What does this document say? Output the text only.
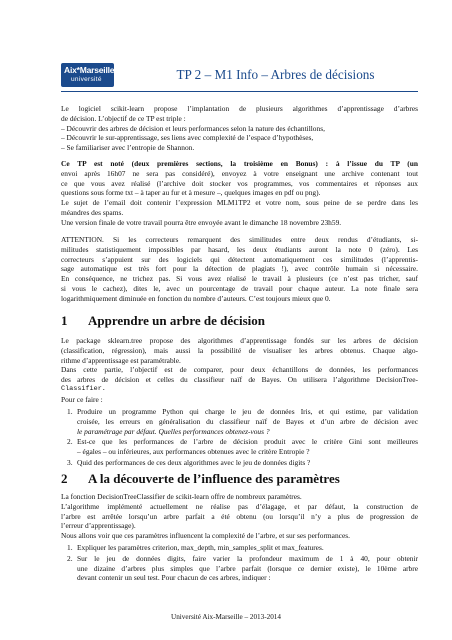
Aix*Marseille
université	TP 2 – M1 Info – Arbres de décisions
Le logiciel scikit-learn propose l’implantation de plusieurs algorithmes d’apprentissage d’arbres
de décision. L’objectif de ce TP est triple :
– Découvrir des arbres de décision et leurs performances selon la nature des échantillons,
– Découvrir le sur-apprentissage, ses liens avec complexité de l’espace d’hypothèses,
– Se familiariser avec l’entropie de Shannon.
Ce TP est noté (deux premières sections, la troisième en Bonus) : à l’issue du TP (un
envoi après 16h07 ne sera pas considéré), envoyez à votre enseignant une archive contenant tout
ce que vous avez réalisé (l’archive doit stocker vos programmes, vos commentaires et réponses aux
questions sous forme txt – à taper au fur et à mesure –, quelques images en pdf ou png).
Le sujet de l’email doit contenir l’expression MLM1TP2 et votre nom, sous peine de se perdre dans les
méandres des spams.
Une version finale de votre travail pourra être envoyée avant le dimanche 18 novembre 23h59.
ATTENTION. Si les correcteurs remarquent des similitudes entre deux rendus d’étudiants, si-
militudes statistiquement impossibles par hasard, les deux étudiants auront la note 0 (zéro). Les
correcteurs s’appuient sur des logiciels qui détectent automatiquement ces similitudes (l’apprentis-
sage automatique est très fort pour la détection de plagiats !), avec contrôle humain si nécessaire.
En conséquence, ne trichez pas. Si vous avez réalisé le travail à plusieurs (ce n’est pas tricher, sauf
si vous le cachez), dites le, avec un pourcentage de travail pour chaque auteur. La note finale sera
logarithmiquement diminuée en fonction du nombre d’auteurs. C’est toujours mieux que 0.
1 Apprendre un arbre de décision
Le package sklearn.tree propose des algorithmes d’apprentissage fondés sur les arbres de décision
(classification, régression), mais aussi la possibilité de visualiser les arbres obtenus. Chaque algo-
rithme d’apprentissage est paramétrable.
Dans cette partie, l’objectif est de comparer, pour deux échantillons de données, les performances
des arbres de décision et celles du classifieur naïf de Bayes. On utilisera l’algorithme DecisionTree-
Classifier.
Pour ce faire :
1. Produire un programme Python qui charge le jeu de données Iris, et qui estime, par validation
croisée, les erreurs en généralisation du classifieur naïf de Bayes et d’un arbre de décision avec
le paramétrage par défaut. Quelles performances obtenez-vous ?
2. Est-ce que les performances de l’arbre de décision produit avec le critère Gini sont meilleures
– égales – ou inférieures, aux performances obtenues avec le critère Entropie ?
3. Quid des performances de ces deux algorithmes avec le jeu de données digits ?
2 A la découverte de l’influence des paramètres
La fonction DecisionTreeClassifier de scikit-learn offre de nombreux paramètres.
L’algorithme implémenté actuellement ne réalise pas d’élagage, et par défaut, la construction de
l’arbre est arrêtée lorsqu’un arbre parfait a été obtenu (ou lorsqu’il n’y a plus de progression de
l’erreur d’apprentissage).
Nous allons voir que ces paramètres influencent la complexité de l’arbre, et sur ses performances.
1. Expliquer les paramètres criterion, max_depth, min_samples_split et max_features.
2. Sur le jeu de données digits, faire varier la profondeur maximum de 1 à 40, pour obtenir
une dizaine d’arbres plus simples que l’arbre parfait (lorsque ce dernier existe), le 10ème arbre
devant contenir un seul test. Pour chacun de ces arbres, indiquer :
Université Aix-Marseille – 2013-2014
